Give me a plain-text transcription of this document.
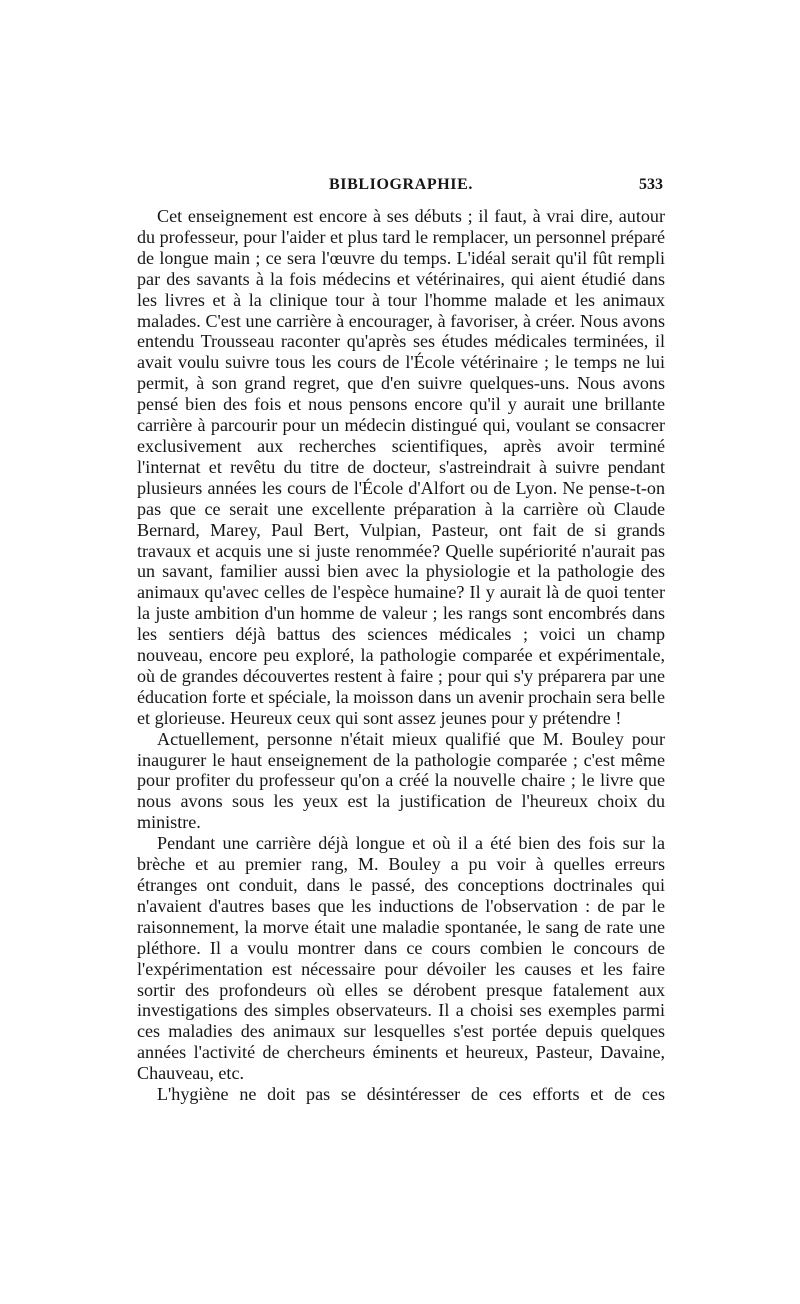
BIBLIOGRAPHIE.	533

Cet enseignement est encore à ses débuts ; il faut, à vrai dire, autour du professeur, pour l'aider et plus tard le remplacer, un personnel préparé de longue main ; ce sera l'œuvre du temps. L'idéal serait qu'il fût rempli par des savants à la fois médecins et vétérinaires, qui aient étudié dans les livres et à la clinique tour à tour l'homme malade et les animaux malades. C'est une carrière à encourager, à favoriser, à créer. Nous avons entendu Trousseau raconter qu'après ses études médicales terminées, il avait voulu suivre tous les cours de l'École vétérinaire ; le temps ne lui permit, à son grand regret, que d'en suivre quelques-uns. Nous avons pensé bien des fois et nous pensons encore qu'il y aurait une brillante carrière à parcourir pour un médecin distingué qui, voulant se consacrer exclusivement aux recherches scientifiques, après avoir terminé l'internat et revêtu du titre de docteur, s'astreindrait à suivre pendant plusieurs années les cours de l'École d'Alfort ou de Lyon. Ne pense-t-on pas que ce serait une excellente préparation à la carrière où Claude Bernard, Marey, Paul Bert, Vulpian, Pasteur, ont fait de si grands travaux et acquis une si juste renommée? Quelle supériorité n'aurait pas un savant, familier aussi bien avec la physiologie et la pathologie des animaux qu'avec celles de l'espèce humaine? Il y aurait là de quoi tenter la juste ambition d'un homme de valeur ; les rangs sont encombrés dans les sentiers déjà battus des sciences médicales ; voici un champ nouveau, encore peu exploré, la pathologie comparée et expérimentale, où de grandes découvertes restent à faire ; pour qui s'y préparera par une éducation forte et spéciale, la moisson dans un avenir prochain sera belle et glorieuse. Heureux ceux qui sont assez jeunes pour y prétendre !

Actuellement, personne n'était mieux qualifié que M. Bouley pour inaugurer le haut enseignement de la pathologie comparée ; c'est même pour profiter du professeur qu'on a créé la nouvelle chaire ; le livre que nous avons sous les yeux est la justification de l'heureux choix du ministre.

Pendant une carrière déjà longue et où il a été bien des fois sur la brèche et au premier rang, M. Bouley a pu voir à quelles erreurs étranges ont conduit, dans le passé, des conceptions doctrinales qui n'avaient d'autres bases que les inductions de l'observation : de par le raisonnement, la morve était une maladie spontanée, le sang de rate une pléthore. Il a voulu montrer dans ce cours combien le concours de l'expérimentation est nécessaire pour dévoiler les causes et les faire sortir des profondeurs où elles se dérobent presque fatalement aux investigations des simples observateurs. Il a choisi ses exemples parmi ces maladies des animaux sur lesquelles s'est portée depuis quelques années l'activité de chercheurs éminents et heureux, Pasteur, Davaine, Chauveau, etc.

L'hygiène ne doit pas se désintéresser de ces efforts et de ces
